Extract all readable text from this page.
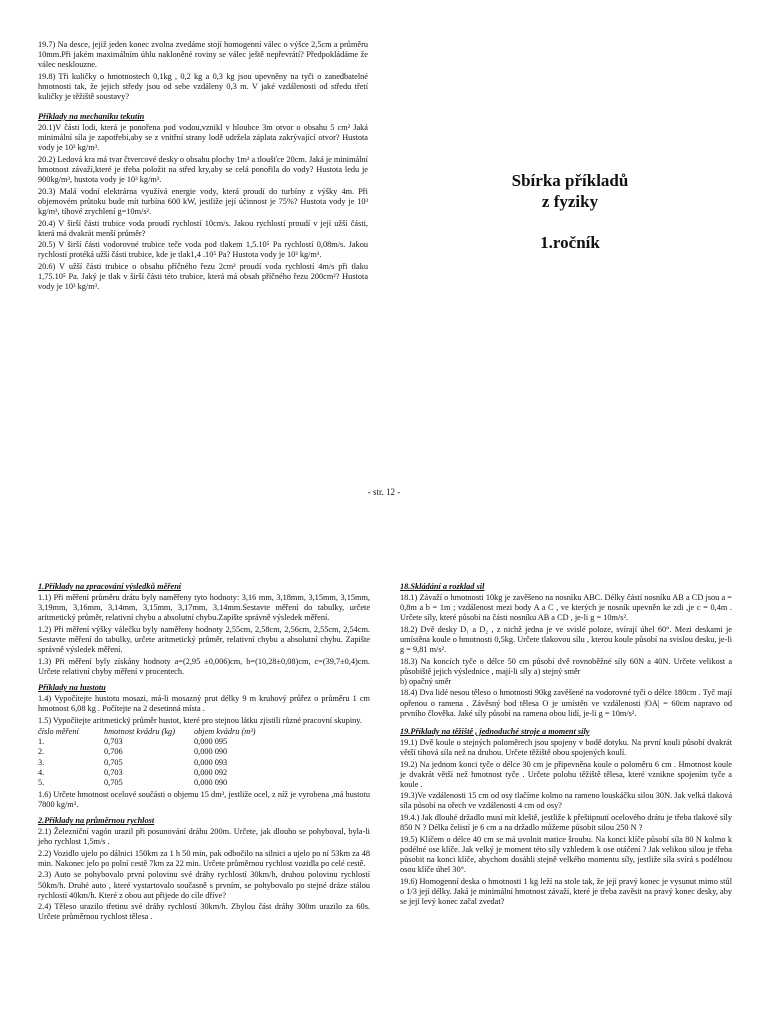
19.7) Na desce, jejíž jeden konec zvolna zvedáme stojí homogenní válec o výšce 2,5cm a průměru 10mm.Při jakém maximálním úhlu nakloněné roviny se válec ještě nepřevrátí? Předpokládáme že válec nesklouzne.

19.8) Tři kuličky o hmotnostech 0,1kg , 0,2 kg a 0,3 kg jsou upevněny na tyči o zanedbatelné hmotnosti tak, že jejich středy jsou od sebe vzdáleny 0,3 m. V jaké vzdálenosti od středu třetí kuličky je těžiště soustavy?

Příklady na mechaniku tekutin

20.1)V části lodi, která je ponořena pod vodou,vznikl v hloubce 3m otvor o obsahu 5 cm² Jaká minimální síla je zapotřebí,aby se z vnitřní strany lodě udržela záplata zakrývající otvor? Hustota vody je 10³ kg/m³.

20.2) Ledová kra má tvar čtvercové desky o obsahu plochy 1m² a tloušťce 20cm. Jaká je minimální hmotnost závaží,které je třeba položit na střed kry,aby se celá ponořila do vody? Hustota ledu je 900kg/m³, hustota vody je 10³ kg/m³.

20.3) Malá vodní elektrárna využívá energie vody, která proudí do turbíny z výšky 4m. Při objemovém průtoku bude mít turbína 600 kW, jestliže její účinnost je 75%? Hustota vody je 10³ kg/m³, tíhové zrychlení g=10m/s².

20.4) V širší části trubice voda proudí rychlostí 10cm/s. Jakou rychlostí proudí v její užší části, která má dvakrát menší průměr?

20.5) V širší části vodorovné trubice teče voda pod tlakem 1,5.10⁵ Pa rychlostí 0,08m/s. Jakou rychlostí protéká užší části trubice, kde je tlak1,4 .10⁵ Pa? Hustota vody je 10³ kg/m³.

20.6) V užší části trubice o obsahu příčného řezu 2cm² proudí voda rychlostí 4m/s při tlaku 1,75.10⁵ Pa. Jaký je tlak v širší části této trubice, která má obsah příčného řezu 200cm²? Hustota vody je 10³ kg/m³.

Sbírka příkladů
z fyziky
1.ročník
- str. 12 -
1.Příklady na zpracování výsledků měření

1.1) Při měření průměru drátu byly naměřeny tyto hodnoty: 3,16 mm, 3,18mm, 3,15mm, 3,15mm, 3,19mm, 3,16mm, 3,14mm, 3,15mm, 3,17mm, 3,14mm.Sestavte měření do tabulky, určete aritmetický průměr, relativní chybu a absolutní chybu.Zapište správně výsledek měření.

1.2) Při měření výšky válečku byly naměřeny hodnoty 2,55cm, 2,58cm, 2,56cm, 2,55cm, 2,54cm. Sestavte měření do tabulky, určete aritmetický průměr, relativní chybu a absolutní chybu. Zapište správně výsledek měření.

1.3) Při měření byly získány hodnoty a=(2,95 ±0,006)cm, b=(10,28±0,08)cm, c=(39,7±0,4)cm. Určete relativní chyby měření v procentech.

Příklady na hustotu

1.4) Vypočítejte hustotu mosazi, má-li mosazný prut délky 9 m kruhový průřez o průměru 1 cm hmotnost 6,08 kg . Počítejte na 2 desetinná místa .

1.5) Vypočítejte aritmetický průměr hustot, které pro stejnou látku zjistili různé pracovní skupiny.

číslo měření	hmotnost kvádru (kg)	objem kvádru (m³)
1.	0,703	0,000 095
2.	0,706	0,000 090
3.	0,705	0,000 093
4.	0,703	0,000 092
5.	0,705	0,000 090

1.6) Určete hmotnost ocelové součásti o objemu 15 dm³, jestliže ocel, z níž je vyrobena ,má hustotu 7800 kg/m³.

2.Příklady na průměrnou rychlost

2.1) Železniční vagón urazil při posunování dráhu 200m. Určete, jak dlouho se pohyboval, byla-li jeho rychlost 1,5m/s .

2.2) Vozidlo ujelo po dálnici 150km za 1 h 50 min, pak odbočilo na silnici a ujelo po ní 53km za 48 min. Nakonec jelo po polní cestě 7km za 22 min. Určete průměrnou rychlost vozidla po celé cestě.

2.3) Auto se pohybovalo první polovinu své dráhy rychlostí 30km/h, druhou polovinu rychlostí 50km/h. Druhé auto , které vystartovalo současně s prvním, se pohybovalo po stejné dráze stálou rychlostí 40km/h. Které z obou aut přijede do cíle dříve?

2.4) Těleso urazilo třetinu své dráhy rychlostí 30km/h. Zbylou část dráhy 300m urazilo za 60s. Určete průměrnou rychlost tělesa .

18.Skládání a rozklad sil

18.1) Závaží o hmotnosti 10kg je zavěšeno na nosníku ABC. Délky částí nosníku AB a CD jsou a = 0,8m a b = 1m ; vzdálenost mezi body A a C , ve kterých je nosník upevněn ke zdi ,je c = 0,4m . Určete síly, které působí na části nosníku AB a CD , je-li g = 10m/s².

18.2) Dvě desky D₁ a D₂ , z nichž jedna je ve svislé poloze, svírají úhel 60°. Mezi deskami je umístěna koule o hmotnosti 0,5kg. Určete tlakovou sílu , kterou koule působí na svislou desku, je-li g = 9,81 m/s².

18.3) Na koncích tyče o délce 50 cm působí dvě rovnoběžné síly 60N a 40N. Určete velikost a působiště jejich výslednice , mají-li síly a) stejný směr

b) opačný směr

18.4) Dva lidé nesou těleso o hmotnosti 90kg zavěšené na vodorovné tyči o délce 180cm . Tyč mají opřenou o ramena . Závěsný bod tělesa O je umístěn ve vzdálenosti |OA| = 60cm napravo od prvního člověka. Jaké síly působí na ramena obou lidí, je-li g = 10m/s².

19.Příklady na těžiště , jednoduché stroje a moment síly

19.1) Dvě koule o stejných poloměrech jsou spojeny v bodě dotyku. Na první kouli působí dvakrát větší tíhová síla než na druhou. Určete těžiště obou spojených koulí.

19.2) Na jednom konci tyče o délce 30 cm je připevněna koule o poloměru 6 cm . Hmotnost koule je dvakrát větší než hmotnost tyče . Určete polohu těžiště tělesa, které vznikne spojením tyče a koule .

19.3)Ve vzdálenosti 15 cm od osy tlačíme kolmo na rameno louskáčku silou 30N. Jak velká tlaková síla působí na ořech ve vzdálenosti 4 cm od osy?

19.4.) Jak dlouhé držadlo musí mít kleště, jestliže k přeštipnutí ocelového drátu je třeba tlakové síly 850 N ? Délka čelistí je 6 cm a na držadlo můžeme působit silou 250 N ?

19.5) Klíčem o délce 40 cm se má uvolnit matice šroubu. Na konci klíče působí síla 80 N kolmo k podélné ose klíče. Jak velký je moment této síly vzhledem k ose otáčení ? Jak velikou silou je třeba působit na konci klíče, abychom dosáhli stejně velkého momentu síly, jestliže síla svírá s podélnou osou klíče úhel 30°.

19.6) Homogenní deska o hmotnosti 1 kg leží na stole tak, že její pravý konec je vysunut mimo stůl o 1/3 její délky. Jaká je minimální hmotnost závaží, které je třeba zavěsit na pravý konec desky, aby se její levý konec začal zvedat?
